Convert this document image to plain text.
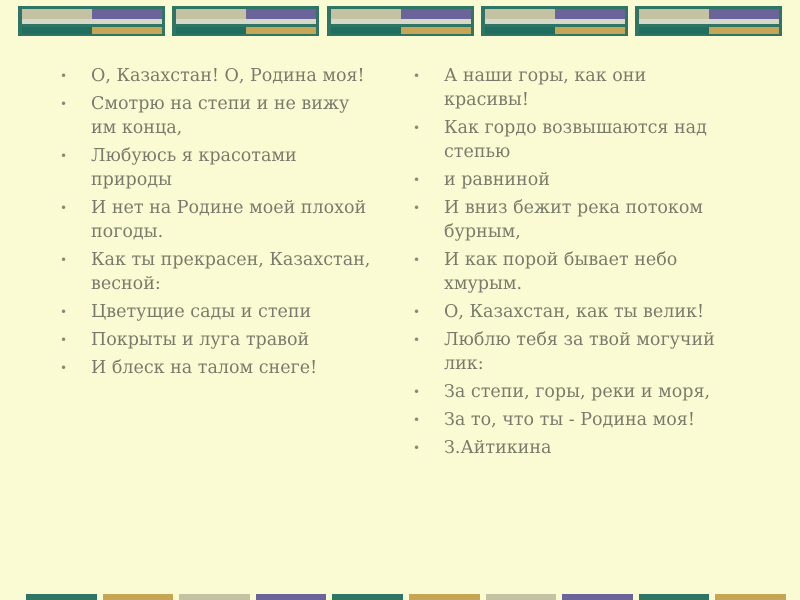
• О, Казахстан! О, Родина моя!
• Смотрю на степи и не вижу им конца,
• Любуюсь я красотами природы
• И нет на Родине моей плохой погоды.
• Как ты прекрасен, Казахстан, весной:
• Цветущие сады и степи
• Покрыты и луга травой
• И блеск на талом снеге!
• А наши горы, как они красивы!
• Как гордо возвышаются над степью
• и равниной
• И вниз бежит река потоком бурным,
• И как порой бывает небо хмурым.
• О, Казахстан, как ты велик!
• Люблю тебя за твой могучий лик:
• За степи, горы, реки и моря,
• За то, что ты - Родина моя!
• З.Айтикина
